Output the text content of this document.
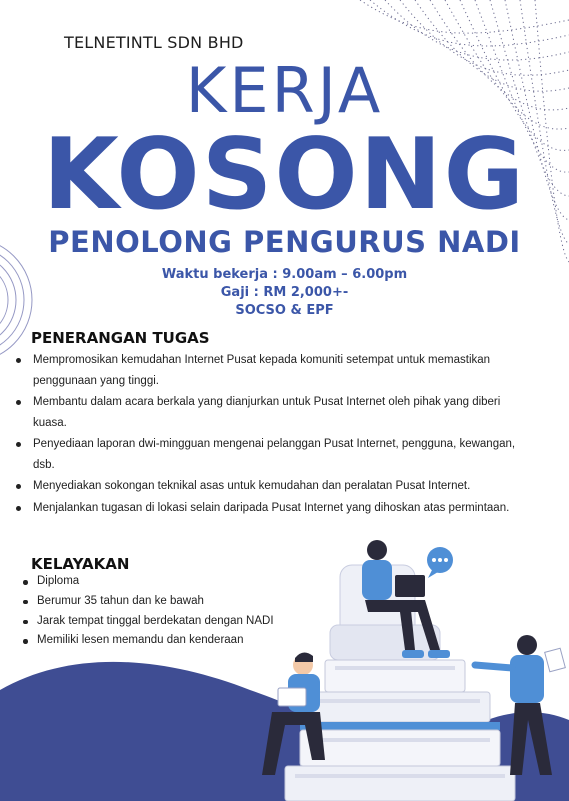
TELNETINTL SDN BHD
KERJA
KOSONG
PENOLONG PENGURUS NADI
Waktu bekerja : 9.00am – 6.00pm
Gaji : RM 2,000+-
SOCSO & EPF
PENERANGAN TUGAS
Mempromosikan kemudahan Internet Pusat kepada komuniti setempat untuk memastikan penggunaan yang tinggi.
Membantu dalam acara berkala yang dianjurkan untuk Pusat Internet oleh pihak yang diberi kuasa.
Penyediaan laporan dwi-mingguan mengenai pelanggan Pusat Internet, pengguna, kewangan, dsb.
Menyediakan sokongan teknikal asas untuk kemudahan dan peralatan Pusat Internet.
Menjalankan tugasan di lokasi selain daripada Pusat Internet yang dihoskan atas permintaan.
KELAYAKAN
Diploma
Berumur 35 tahun dan ke bawah
Jarak tempat tinggal berdekatan dengan NADI
Memiliki lesen memandu dan kenderaan
